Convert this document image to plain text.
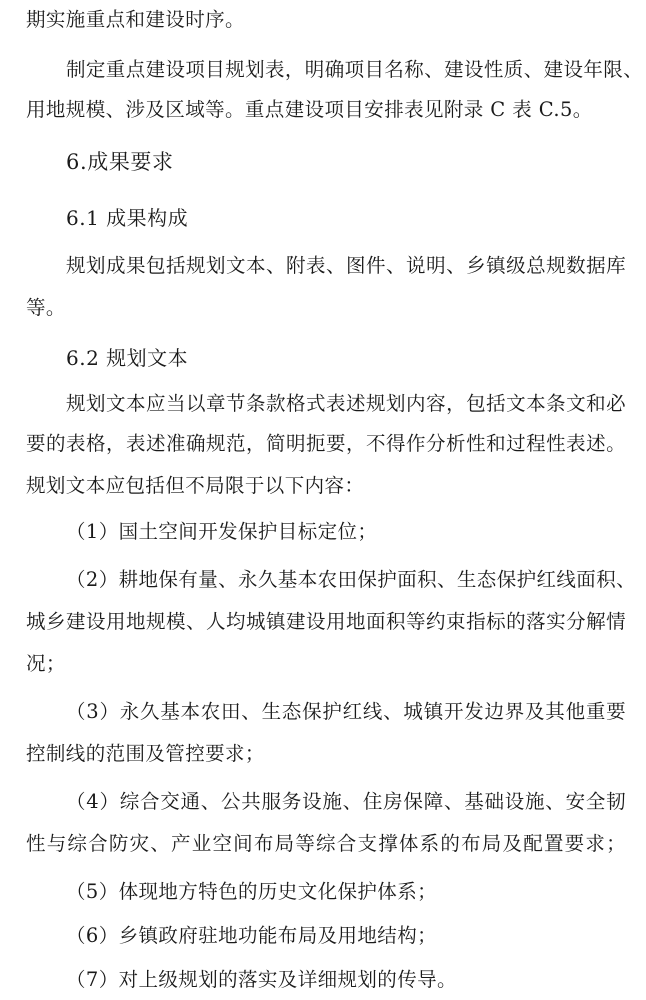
期实施重点和建设时序。
制定重点建设项目规划表，明确项目名称、建设性质、建设年限、
用地规模、涉及区域等。重点建设项目安排表见附录 C 表 C.5。
6.成果要求
6.1 成果构成
规划成果包括规划文本、附表、图件、说明、乡镇级总规数据库
等。
6.2 规划文本
规划文本应当以章节条款格式表述规划内容，包括文本条文和必
要的表格，表述准确规范，简明扼要，不得作分析性和过程性表述。
规划文本应包括但不局限于以下内容：
（1）国土空间开发保护目标定位；
（2）耕地保有量、永久基本农田保护面积、生态保护红线面积、
城乡建设用地规模、人均城镇建设用地面积等约束指标的落实分解情
况；
（3）永久基本农田、生态保护红线、城镇开发边界及其他重要
控制线的范围及管控要求；
（4）综合交通、公共服务设施、住房保障、基础设施、安全韧
性与综合防灾、产业空间布局等综合支撑体系的布局及配置要求；
（5）体现地方特色的历史文化保护体系；
（6）乡镇政府驻地功能布局及用地结构；
（7）对上级规划的落实及详细规划的传导。
